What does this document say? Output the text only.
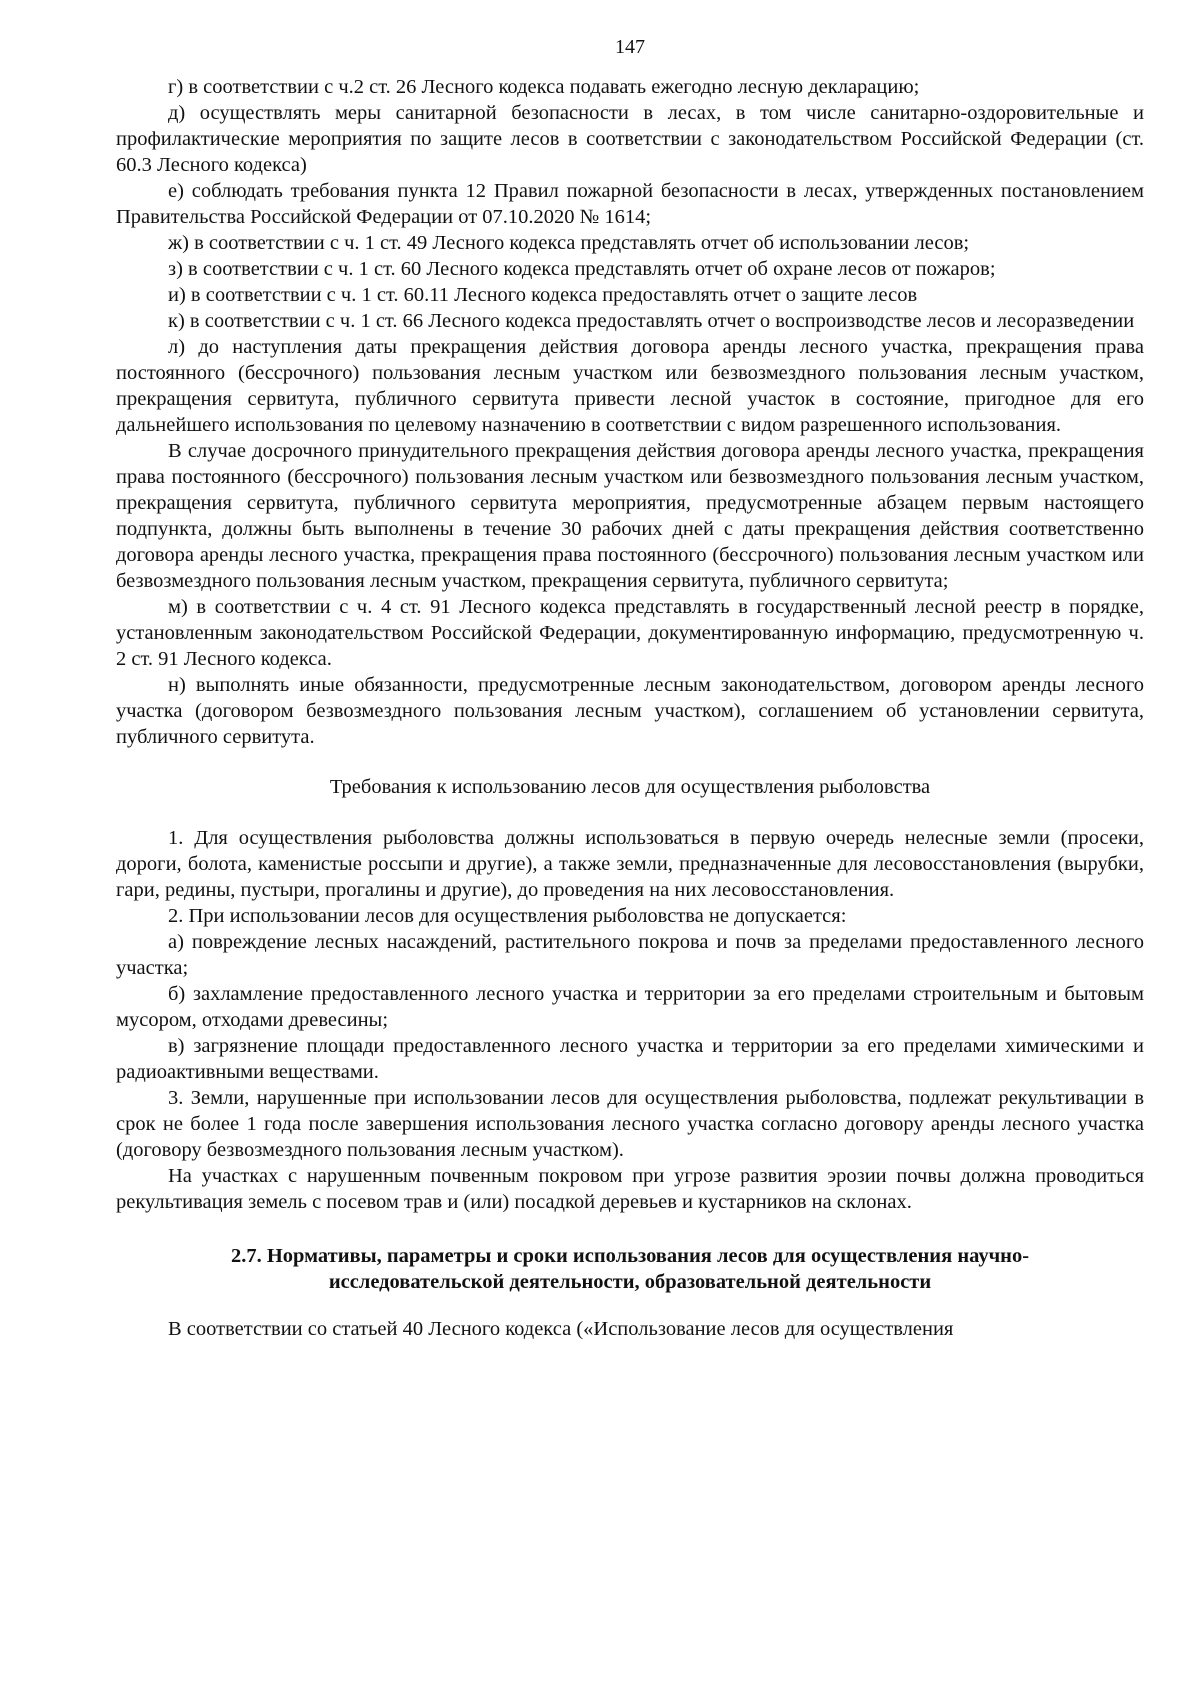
147

г) в соответствии с ч.2 ст. 26 Лесного кодекса подавать ежегодно лесную декларацию;

д) осуществлять меры санитарной безопасности в лесах, в том числе санитарно-оздоровительные и профилактические мероприятия по защите лесов в соответствии с законодательством Российской Федерации (ст. 60.3 Лесного кодекса)

е) соблюдать требования пункта 12 Правил пожарной безопасности в лесах, утвержденных постановлением Правительства Российской Федерации от 07.10.2020 № 1614;

ж) в соответствии с ч. 1 ст. 49 Лесного кодекса представлять отчет об использовании лесов;

з) в соответствии с ч. 1 ст. 60 Лесного кодекса представлять отчет об охране лесов от пожаров;

и) в соответствии с ч. 1 ст. 60.11 Лесного кодекса предоставлять отчет о защите лесов

к) в соответствии с ч. 1 ст. 66 Лесного кодекса предоставлять отчет о воспроизводстве лесов и лесоразведении

л) до наступления даты прекращения действия договора аренды лесного участка, прекращения права постоянного (бессрочного) пользования лесным участком или безвозмездного пользования лесным участком, прекращения сервитута, публичного сервитута привести лесной участок в состояние, пригодное для его дальнейшего использования по целевому назначению в соответствии с видом разрешенного использования.

В случае досрочного принудительного прекращения действия договора аренды лесного участка, прекращения права постоянного (бессрочного) пользования лесным участком или безвозмездного пользования лесным участком, прекращения сервитута, публичного сервитута мероприятия, предусмотренные абзацем первым настоящего подпункта, должны быть выполнены в течение 30 рабочих дней с даты прекращения действия соответственно договора аренды лесного участка, прекращения права постоянного (бессрочного) пользования лесным участком или безвозмездного пользования лесным участком, прекращения сервитута, публичного сервитута;

м) в соответствии с ч. 4 ст. 91 Лесного кодекса представлять в государственный лесной реестр в порядке, установленным законодательством Российской Федерации, документированную информацию, предусмотренную ч. 2 ст. 91 Лесного кодекса.

н) выполнять иные обязанности, предусмотренные лесным законодательством, договором аренды лесного участка (договором безвозмездного пользования лесным участком), соглашением об установлении сервитута, публичного сервитута.

Требования к использованию лесов для осуществления рыболовства

1. Для осуществления рыболовства должны использоваться в первую очередь нелесные земли (просеки, дороги, болота, каменистые россыпи и другие), а также земли, предназначенные для лесовосстановления (вырубки, гари, редины, пустыри, прогалины и другие), до проведения на них лесовосстановления.

2. При использовании лесов для осуществления рыболовства не допускается:

а) повреждение лесных насаждений, растительного покрова и почв за пределами предоставленного лесного участка;

б) захламление предоставленного лесного участка и территории за его пределами строительным и бытовым мусором, отходами древесины;

в) загрязнение площади предоставленного лесного участка и территории за его пределами химическими и радиоактивными веществами.

3. Земли, нарушенные при использовании лесов для осуществления рыболовства, подлежат рекультивации в срок не более 1 года после завершения использования лесного участка согласно договору аренды лесного участка (договору безвозмездного пользования лесным участком).

На участках с нарушенным почвенным покровом при угрозе развития эрозии почвы должна проводиться рекультивация земель с посевом трав и (или) посадкой деревьев и кустарников на склонах.

2.7. Нормативы, параметры и сроки использования лесов для осуществления научно-
исследовательской деятельности, образовательной деятельности

В соответствии со статьей 40 Лесного кодекса («Использование лесов для осуществления
